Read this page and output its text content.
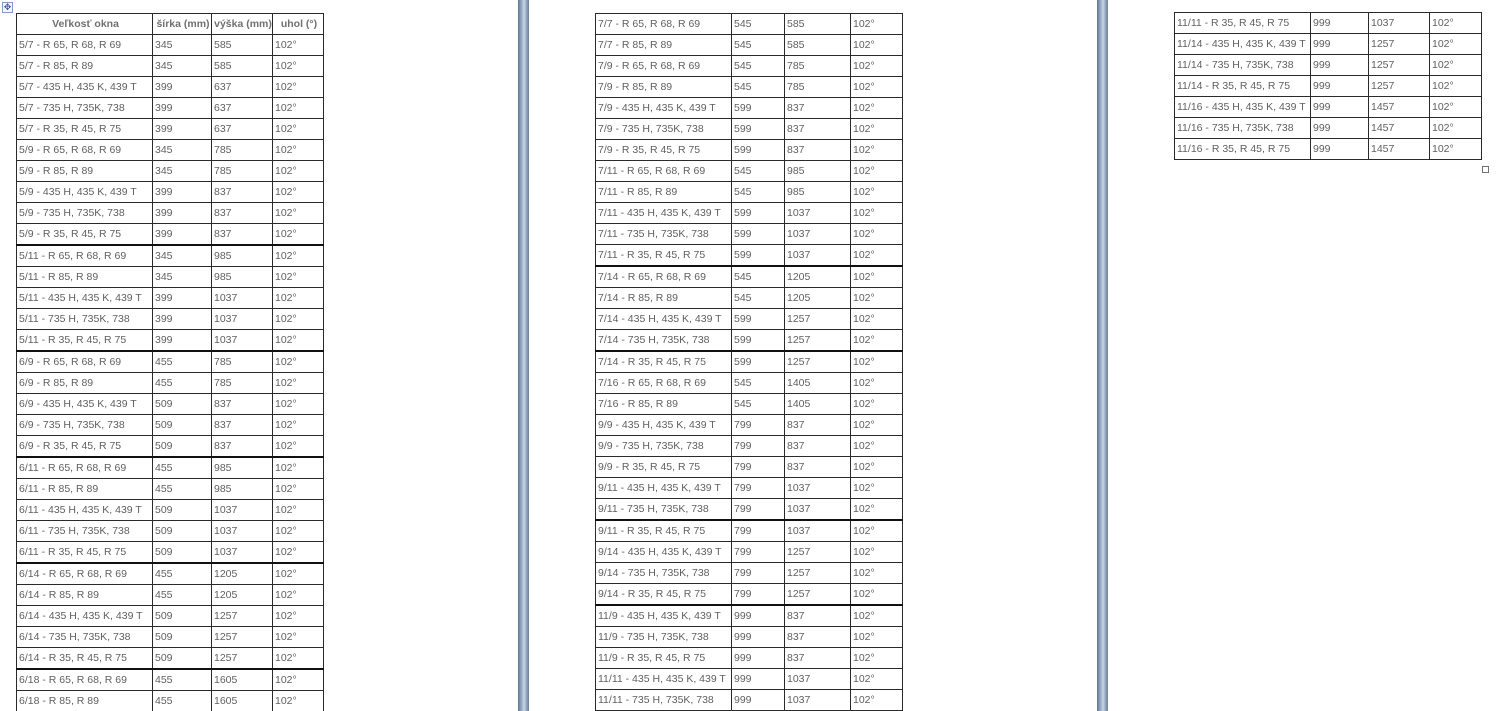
✥
Veľkosť okna	šírka (mm)	výška (mm)	uhol (°)
5/7 - R 65, R 68, R 69	345	585	102°
5/7 - R 85, R 89	345	585	102°
5/7 - 435 H, 435 K, 439 T	399	637	102°
5/7 - 735 H, 735K, 738	399	637	102°
5/7 - R 35, R 45, R 75	399	637	102°
5/9 - R 65, R 68, R 69	345	785	102°
5/9 - R 85, R 89	345	785	102°
5/9 - 435 H, 435 K, 439 T	399	837	102°
5/9 - 735 H, 735K, 738	399	837	102°
5/9 - R 35, R 45, R 75	399	837	102°
5/11 - R 65, R 68, R 69	345	985	102°
5/11 - R 85, R 89	345	985	102°
5/11 - 435 H, 435 K, 439 T	399	1037	102°
5/11 - 735 H, 735K, 738	399	1037	102°
5/11 - R 35, R 45, R 75	399	1037	102°
6/9 - R 65, R 68, R 69	455	785	102°
6/9 - R 85, R 89	455	785	102°
6/9 - 435 H, 435 K, 439 T	509	837	102°
6/9 - 735 H, 735K, 738	509	837	102°
6/9 - R 35, R 45, R 75	509	837	102°
6/11 - R 65, R 68, R 69	455	985	102°
6/11 - R 85, R 89	455	985	102°
6/11 - 435 H, 435 K, 439 T	509	1037	102°
6/11 - 735 H, 735K, 738	509	1037	102°
6/11 - R 35, R 45, R 75	509	1037	102°
6/14 - R 65, R 68, R 69	455	1205	102°
6/14 - R 85, R 89	455	1205	102°
6/14 - 435 H, 435 K, 439 T	509	1257	102°
6/14 - 735 H, 735K, 738	509	1257	102°
6/14 - R 35, R 45, R 75	509	1257	102°
6/18 - R 65, R 68, R 69	455	1605	102°
6/18 - R 85, R 89	455	1605	102°
7/7 - R 65, R 68, R 69	545	585	102°
7/7 - R 85, R 89	545	585	102°
7/9 - R 65, R 68, R 69	545	785	102°
7/9 - R 85, R 89	545	785	102°
7/9 - 435 H, 435 K, 439 T	599	837	102°
7/9 - 735 H, 735K, 738	599	837	102°
7/9 - R 35, R 45, R 75	599	837	102°
7/11 - R 65, R 68, R 69	545	985	102°
7/11 - R 85, R 89	545	985	102°
7/11 - 435 H, 435 K, 439 T	599	1037	102°
7/11 - 735 H, 735K, 738	599	1037	102°
7/11 - R 35, R 45, R 75	599	1037	102°
7/14 - R 65, R 68, R 69	545	1205	102°
7/14 - R 85, R 89	545	1205	102°
7/14 - 435 H, 435 K, 439 T	599	1257	102°
7/14 - 735 H, 735K, 738	599	1257	102°
7/14 - R 35, R 45, R 75	599	1257	102°
7/16 - R 65, R 68, R 69	545	1405	102°
7/16 - R 85, R 89	545	1405	102°
9/9 - 435 H, 435 K, 439 T	799	837	102°
9/9 - 735 H, 735K, 738	799	837	102°
9/9 - R 35, R 45, R 75	799	837	102°
9/11 - 435 H, 435 K, 439 T	799	1037	102°
9/11 - 735 H, 735K, 738	799	1037	102°
9/11 - R 35, R 45, R 75	799	1037	102°
9/14 - 435 H, 435 K, 439 T	799	1257	102°
9/14 - 735 H, 735K, 738	799	1257	102°
9/14 - R 35, R 45, R 75	799	1257	102°
11/9 - 435 H, 435 K, 439 T	999	837	102°
11/9 - 735 H, 735K, 738	999	837	102°
11/9 - R 35, R 45, R 75	999	837	102°
11/11 - 435 H, 435 K, 439 T	999	1037	102°
11/11 - 735 H, 735K, 738	999	1037	102°
11/11 - R 35, R 45, R 75	999	1037	102°
11/14 - 435 H, 435 K, 439 T	999	1257	102°
11/14 - 735 H, 735K, 738	999	1257	102°
11/14 - R 35, R 45, R 75	999	1257	102°
11/16 - 435 H, 435 K, 439 T	999	1457	102°
11/16 - 735 H, 735K, 738	999	1457	102°
11/16 - R 35, R 45, R 75	999	1457	102°
